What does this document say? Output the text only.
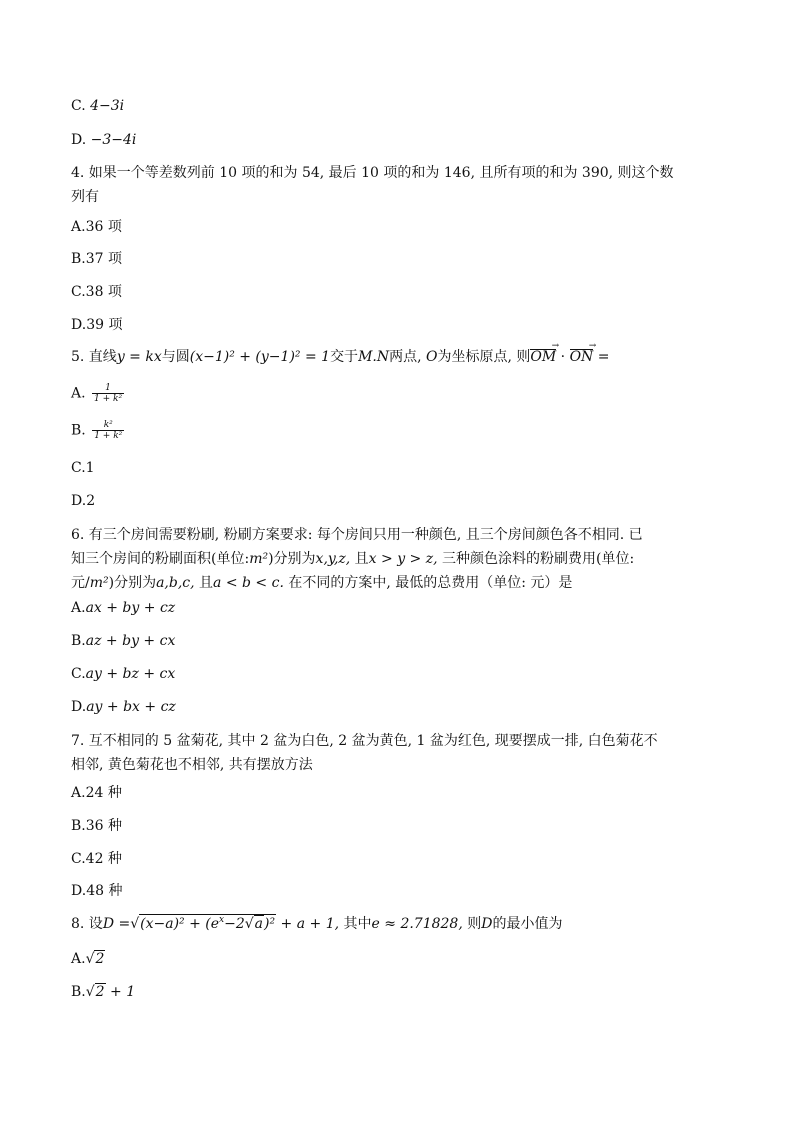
C. 4−3i
D. −3−4i
4. 如果一个等差数列前 10 项的和为 54, 最后 10 项的和为 146, 且所有项的和为 390, 则这个数
列有
A.36 项
B.37 项
C.38 项
D.39 项
5. 直线y = kx与圆(x−1)² + (y−1)² = 1交于M.N两点, O为坐标原点, 则OM → · ON → =
A. $\frac{1}{\text{1 + k²}}$
B. $\frac{\text{k²}}{\text{1 + k²}}$
C.1
D.2
6. 有三个房间需要粉刷, 粉刷方案要求: 每个房间只用一种颜色, 且三个房间颜色各不相同. 已
知三个房间的粉刷面积(单位:m²)分别为x,y,z, 且x > y > z, 三种颜色涂料的粉刷费用(单位:
元/m²)分别为a,b,c, 且a < b < c. 在不同的方案中, 最低的总费用（单位: 元）是
A.ax + by + cz
B.az + by + cx
C.ay + bz + cx
D.ay + bx + cz
7. 互不相同的 5 盆菊花, 其中 2 盆为白色, 2 盆为黄色, 1 盆为红色, 现要摆成一排, 白色菊花不
相邻, 黄色菊花也不相邻, 共有摆放方法
A.24 种
B.36 种
C.42 种
D.48 种
8. 设$D =√(x-a)^2 + (e^x-2√a)^2 + a + 1$, 其中e ≈ 2.71828, 则D的最小值为
A.√2
B.√2 + 1
